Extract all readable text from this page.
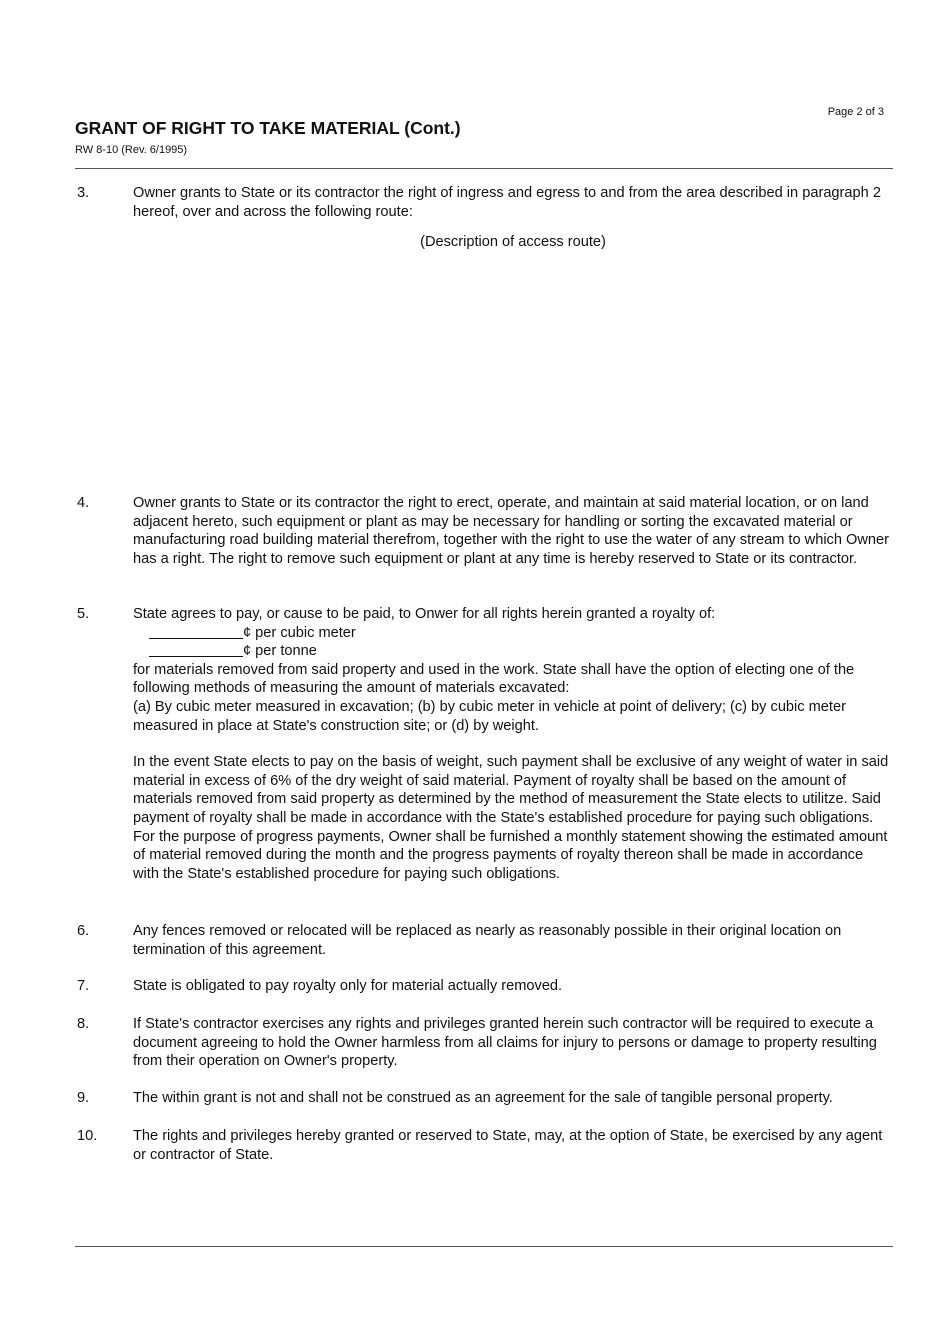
Page 2 of 3
GRANT OF RIGHT TO TAKE MATERIAL (Cont.)
RW 8-10 (Rev. 6/1995)
3.	Owner grants to State or its contractor the right of ingress and egress to and from the area described in paragraph 2 hereof, over and across the following route:

(Description of access route)

4.	Owner grants to State or its contractor the right to erect, operate, and maintain at said material location, or on land adjacent hereto, such equipment or plant as may be necessary for handling or sorting the excavated material or manufacturing road building material therefrom, together with the right to use the water of any stream to which Owner has a right. The right to remove such equipment or plant at any time is hereby reserved to State or its contractor.

5.	State agrees to pay, or cause to be paid, to Onwer for all rights herein granted a royalty of:

¢ per cubic meter

¢ per tonne

for materials removed from said property and used in the work. State shall have the option of electing one of the following methods of measuring the amount of materials excavated:

(a) By cubic meter measured in excavation; (b) by cubic meter in vehicle at point of delivery; (c) by cubic meter measured in place at State's construction site; or (d) by weight.

In the event State elects to pay on the basis of weight, such payment shall be exclusive of any weight of water in said material in excess of 6% of the dry weight of said material. Payment of royalty shall be based on the amount of materials removed from said property as determined by the method of measurement the State elects to utilitze. Said payment of royalty shall be made in accordance with the State's established procedure for paying such obligations. For the purpose of progress payments, Owner shall be furnished a monthly statement showing the estimated amount of material removed during the month and the progress payments of royalty thereon shall be made in accordance with the State's established procedure for paying such obligations.

6.	Any fences removed or relocated will be replaced as nearly as reasonably possible in their original location on termination of this agreement.

7.	State is obligated to pay royalty only for material actually removed.

8.	If State's contractor exercises any rights and privileges granted herein such contractor will be required to execute a document agreeing to hold the Owner harmless from all claims for injury to persons or damage to property resulting from their operation on Owner's property.

9.	The within grant is not and shall not be construed as an agreement for the sale of tangible personal property.

10. The rights and privileges hereby granted or reserved to State, may, at the option of State, be exercised by any agent or contractor of State.
